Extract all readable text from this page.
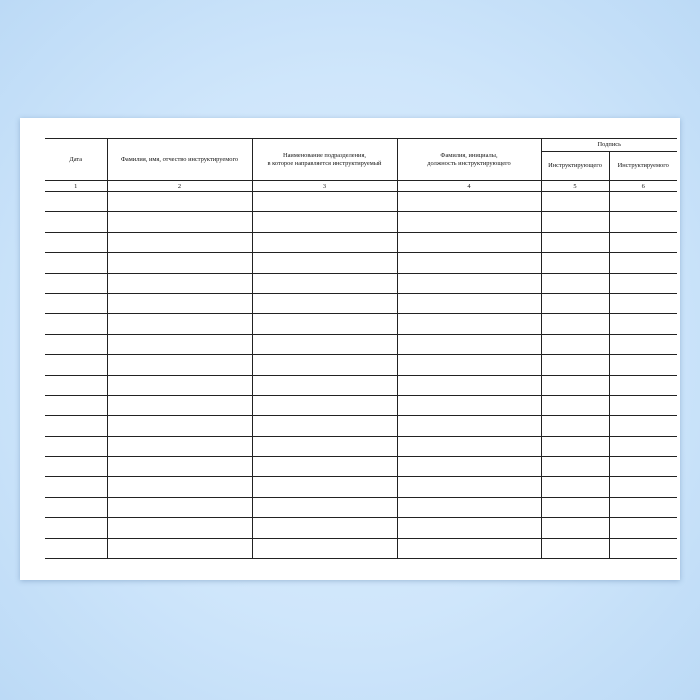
Дата	Фамилия, имя, отчество инструктируемого	Наименование подразделения,
в которое направляется инструктируемый	Фамилия, инициалы,
должность инструктирующего	Подпись	
				Инструктирующего	Инструктируемого
1	2	3	4	5	6
